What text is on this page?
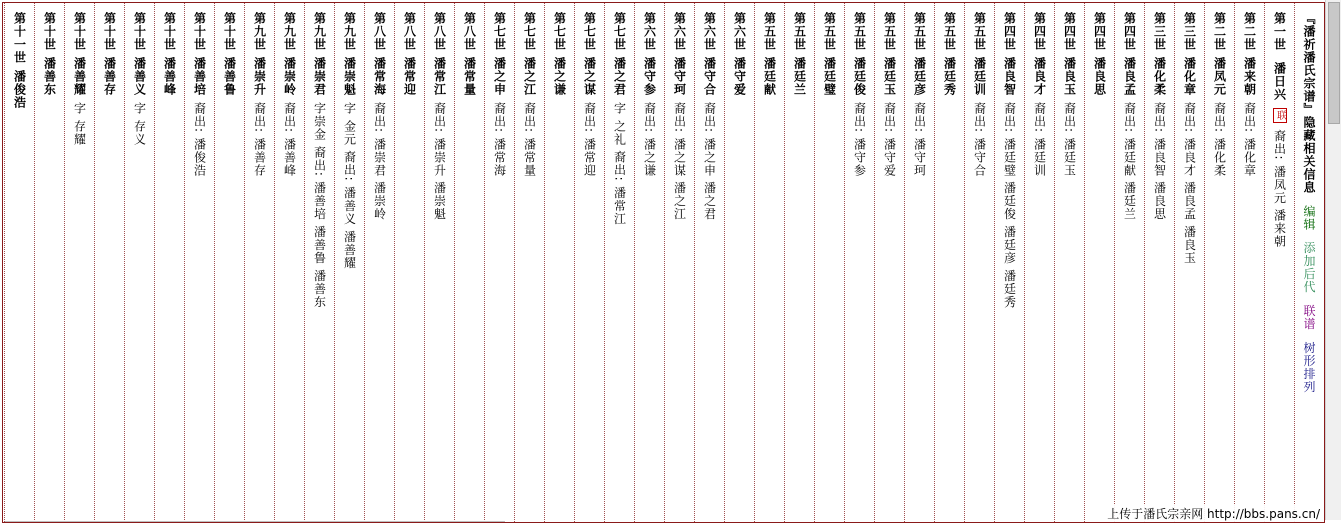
『潘祈潘氏宗谱』隐藏相关信息 编辑 添加后代 联谱 树形排列
第一世 潘日兴 联 裔出: 潘凤元 潘来朝
第二世潘来朝裔出: 潘化章
第二世潘凤元裔出: 潘化柔
第三世潘化章裔出: 潘良才 潘良孟 潘良玉
第三世潘化柔裔出: 潘良智 潘良思
第四世潘良孟裔出: 潘廷献 潘廷兰
第四世潘良思
第四世潘良玉裔出: 潘廷玉
第四世潘良才裔出: 潘廷训
第四世潘良智裔出: 潘廷璧 潘廷俊 潘廷彦 潘廷秀
第五世潘廷训裔出: 潘守合
第五世潘廷秀
第五世潘廷彦裔出: 潘守珂
第五世潘廷玉裔出: 潘守爱
第五世潘廷俊裔出: 潘守参
第五世潘廷璧
第五世潘廷兰
第五世潘廷献
第六世潘守爱
第六世潘守合裔出: 潘之申 潘之君
第六世潘守珂裔出: 潘之谋 潘之江
第六世潘守参裔出: 潘之谦
第七世潘之君字 之礼 裔出: 潘常江
第七世潘之谋裔出: 潘常迎
第七世潘之谦
第七世潘之江裔出: 潘常量
第七世潘之申裔出: 潘常海
第八世潘常量
第八世潘常江裔出: 潘崇升 潘崇魁
第八世潘常迎
第八世潘常海裔出: 潘崇君 潘崇岭
第九世潘崇魁字 金元 裔出: 潘善义 潘善耀
第九世潘崇君字崇金 裔出: 潘善培 潘善鲁 潘善东
第九世潘崇岭裔出: 潘善峰
第九世潘崇升裔出: 潘善存
第十世潘善鲁
第十世潘善培裔出: 潘俊浩
第十世潘善峰
第十世潘善义字 存义
第十世潘善存
第十世潘善耀字 存耀
第十世潘善东
第十一世潘俊浩
上传于潘氏宗亲网 http://bbs.pans.cn/
